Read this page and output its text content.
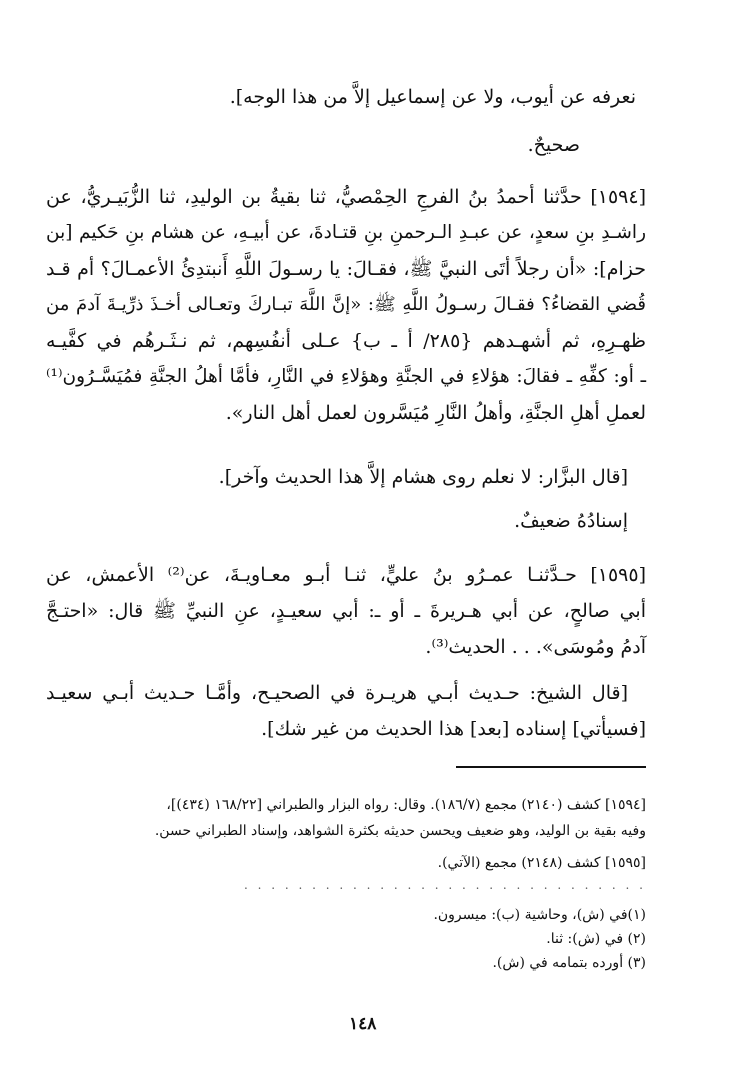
نعرفه عن أيوب، ولا عن إسماعيل إلاَّ من هذا الوجه].
صحيحٌ.
[١٥٩٤] حدَّثنا أحمدُ بنُ الفرجِ الحِمْصيُّ، ثنا بقيةُ بن الوليدِ، ثنا الزُّبَيـريُّ، عن
راشـدِ بنِ سعدٍ، عن عبـدِ الـرحمنِ بنِ قتـادةَ، عن أبيـهِ، عن هشام بنِ حَكيم [بن
حزام]: «أن رجلاً أتَى النبيَّ ﷺ، فقـالَ: يا رسـولَ اللَّهِ أَنبتدِئُ الأعمـالَ؟ أم قـد
قُضي القضاءُ؟ فقـالَ رسـولُ اللَّهِ ﷺ: «إنَّ اللَّهَ تبـاركَ وتعـالى أخـذَ ذرِّيـةَ آدمَ من
ظهـرِهِ، ثم أشهـدهم {٢٨٥/ أ ـ ب} عـلى أنفُسِهم، ثم نـثَـرهُم في كفَّيـه
ـ أو: كفِّهِ ـ فقالَ: هؤلاءِ في الجنَّةِ وهؤلاءِ في النَّارِ، فأمَّا أهلُ الجنَّةِ فمُيَسَّـرُون⁽¹⁾
لعملِ أهلِ الجنَّةِ، وأهلُ النَّارِ مُيَسَّرون لعمل أهل النار».
[قال البزَّار: لا نعلم روى هشام إلاَّ هذا الحديث وآخر].
إسنادُهُ ضعيفٌ.
[١٥٩٥] حـدَّثنـا عمـرُو بنُ عليٍّ، ثنـا أبـو معـاويـةَ، عن⁽²⁾ الأعمش، عن
أبي صالحٍ، عن أبي هـريرةَ ـ أو ـ: أبي سعيـدٍ، عنِ النبيِّ ﷺ قال: «احتـجَّ
آدمُ ومُوسَى». . . الحديث⁽³⁾.
[قال الشيخ: حـديث أبـي هريـرة في الصحيـح، وأمَّـا حـديث أبـي سعيـد
[فسيأتي] إسناده [بعد] هذا الحديث من غير شك].
[١٥٩٤] كشف (٢١٤٠) مجمع (١٨٦/٧). وقال: رواه البزار والطبراني [١٦٨/٢٢ (٤٣٤)]،
وفيه بقية بن الوليد، وهو ضعيف ويحسن حديثه بكثرة الشواهد، وإسناد الطبراني حسن.
[١٥٩٥] كشف (٢١٤٨) مجمع (الآتي).
. . . . . . . . . . . . . . . . . . . . . . . . . . . . . .
(١)في (ش)، وحاشية (ب): ميسرون.
(٢) في (ش): ثنا.
(٣) أورده بتمامه في (ش).
١٤٨
